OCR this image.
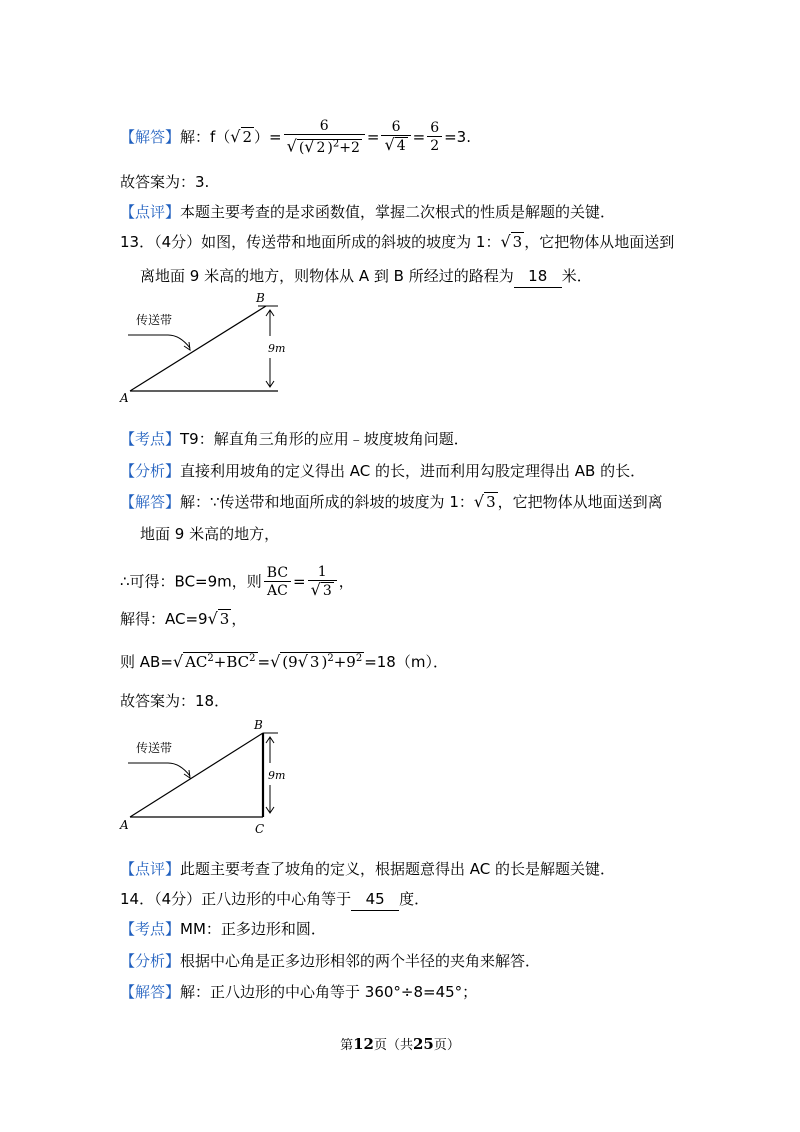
【解答】解：f（√ 2 ）= $\frac{6}{√ (√ 2 )^2+2} = \frac{6}{√ 4} = \frac{6}{2} =3$.
故答案为：3.
【点评】本题主要考查的是求函数值，掌握二次根式的性质是解题的关键．
13．（4分）如图，传送带和地面所成的斜坡的坡度为 1：√ 3 ，它把物体从地面送到
离地面 9 米高的地方，则物体从 A 到 B 所经过的路程为 18 米．
传送带
9m
A
B
【考点】T9：解直角三角形的应用﹣坡度坡角问题．
【分析】直接利用坡角的定义得出 AC 的长，进而利用勾股定理得出 AB 的长．
【解答】解：∵传送带和地面所成的斜坡的坡度为 1：√ 3 ，它把物体从地面送到离
地面 9 米高的地方，
∴可得：BC=9m，则 $\frac{BC}{AC} = \frac{1}{√ 3}$ ，
解得：AC=9√ 3 ，
则 AB=√ $AC^2+BC^2$ =√ (9√ 3 )$^2+9^2 =18(m)$．
故答案为：18．
传送带
9m
A
B
C
【点评】此题主要考查了坡角的定义，根据题意得出 AC 的长是解题关键．
14．（4分）正八边形的中心角等于 45 度．
【考点】MM：正多边形和圆．
【分析】根据中心角是正多边形相邻的两个半径的夹角来解答．
【解答】解：正八边形的中心角等于 360°÷8=45°；
第12页（共25页）
